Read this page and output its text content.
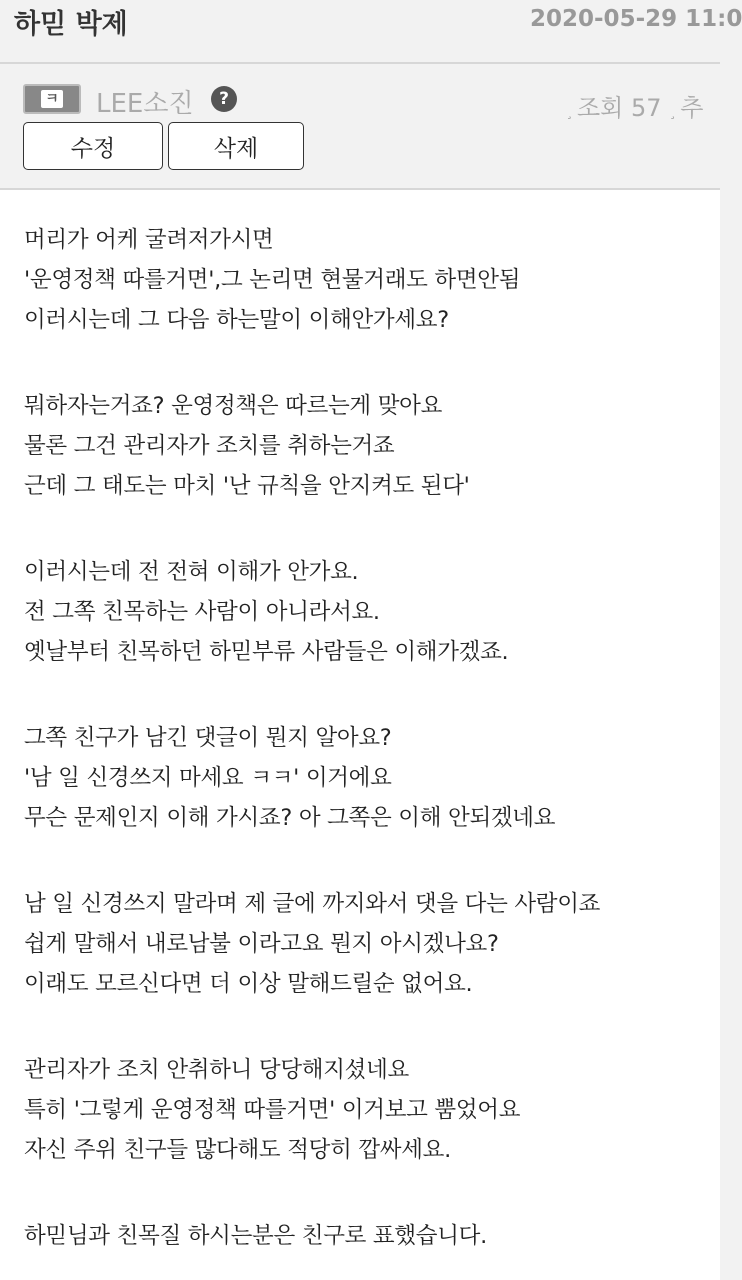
하믿 박제	2020-05-29 11:0
ㅋ LEE소진	?
¸ 조회 57 ¸ 추
수정	삭제

머리가 어케 굴려저가시면

'운영정책 따를거면',그 논리면 현물거래도 하면안됨

이러시는데 그 다음 하는말이 이해안가세요?

뭐하자는거죠? 운영정책은 따르는게 맞아요

물론 그건 관리자가 조치를 취하는거죠

근데 그 태도는 마치 '난 규칙을 안지켜도 된다'

이러시는데 전 전혀 이해가 안가요.

전 그쪽 친목하는 사람이 아니라서요.

옛날부터 친목하던 하믿부류 사람들은 이해가겠죠.

그쪽 친구가 남긴 댓글이 뭔지 알아요?

'남 일 신경쓰지 마세요 ㅋㅋ' 이거에요

무슨 문제인지 이해 가시죠? 아 그쪽은 이해 안되겠네요

남 일 신경쓰지 말라며 제 글에 까지와서 댓을 다는 사람이죠

쉽게 말해서 내로남불 이라고요 뭔지 아시겠나요?

이래도 모르신다면 더 이상 말해드릴순 없어요.

관리자가 조치 안취하니 당당해지셨네요

특히 '그렇게 운영정책 따를거면' 이거보고 뿜었어요

자신 주위 친구들 많다해도 적당히 깝싸세요.

하믿님과 친목질 하시는분은 친구로 표했습니다.
